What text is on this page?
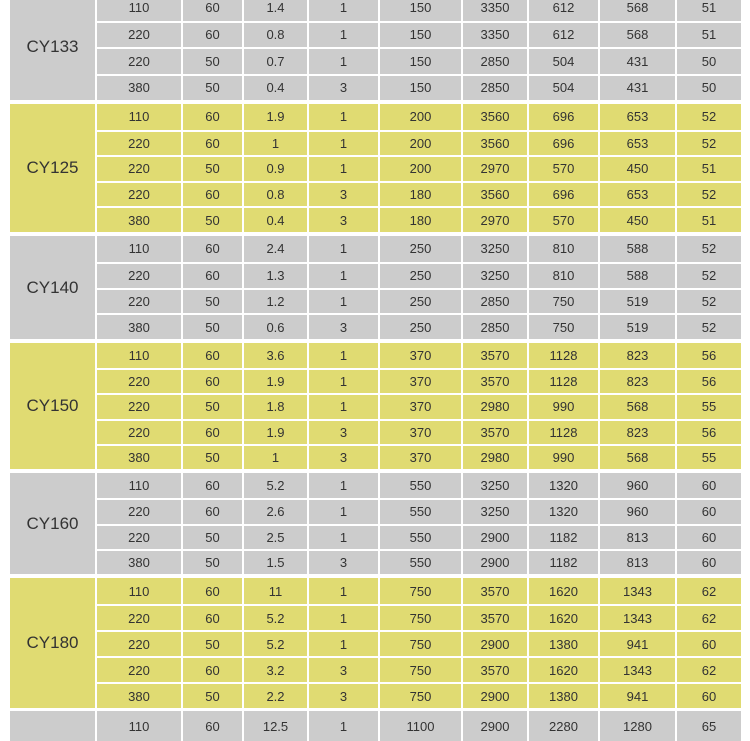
CY133
110	60	1.4	1	150	3350	612	568	51
220	60	0.8	1	150	3350	612	568	51
220	50	0.7	1	150	2850	504	431	50
380	50	0.4	3	150	2850	504	431	50
CY125
110	60	1.9	1	200	3560	696	653	52
220	60	1	1	200	3560	696	653	52
220	50	0.9	1	200	2970	570	450	51
220	60	0.8	3	180	3560	696	653	52
380	50	0.4	3	180	2970	570	450	51
CY140
110	60	2.4	1	250	3250	810	588	52
220	60	1.3	1	250	3250	810	588	52
220	50	1.2	1	250	2850	750	519	52
380	50	0.6	3	250	2850	750	519	52
CY150
110	60	3.6	1	370	3570	1128	823	56
220	60	1.9	1	370	3570	1128	823	56
220	50	1.8	1	370	2980	990	568	55
220	60	1.9	3	370	3570	1128	823	56
380	50	1	3	370	2980	990	568	55
CY160
110	60	5.2	1	550	3250	1320	960	60
220	60	2.6	1	550	3250	1320	960	60
220	50	2.5	1	550	2900	1182	813	60
380	50	1.5	3	550	2900	1182	813	60
CY180
110	60	11	1	750	3570	1620	1343	62
220	60	5.2	1	750	3570	1620	1343	62
220	50	5.2	1	750	2900	1380	941	60
220	60	3.2	3	750	3570	1620	1343	62
380	50	2.2	3	750	2900	1380	941	60
110	60	12.5	1	1100	2900	2280	1280	65
